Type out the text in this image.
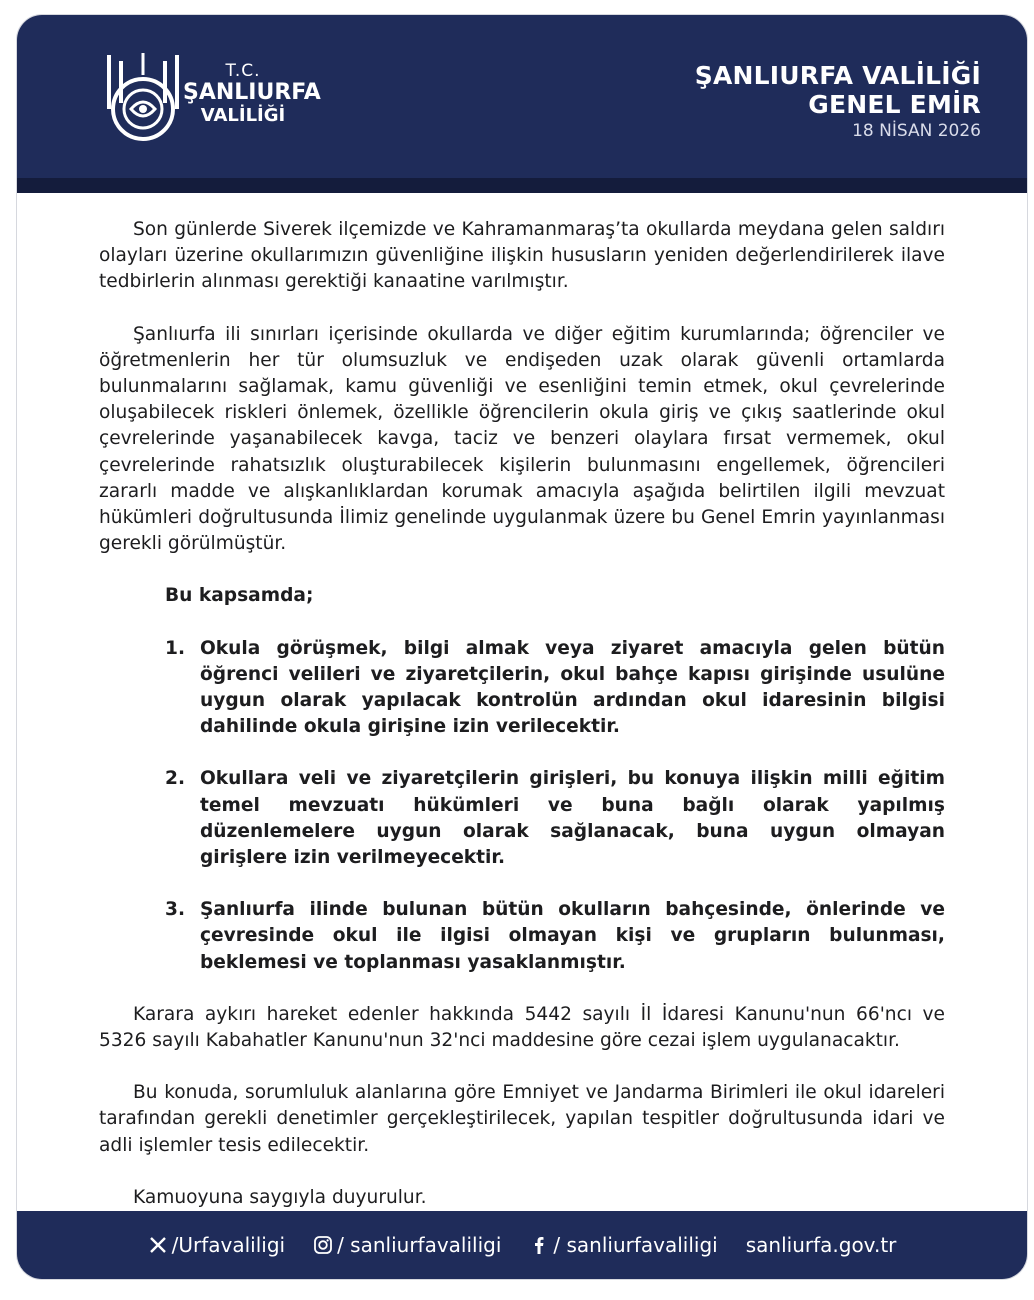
T.C.
ŞANLIURFA
VALİLİĞİ
ŞANLIURFA VALİLİĞİ
GENEL EMİR
18 NİSAN 2026

Son günlerde Siverek ilçemizde ve Kahramanmaraş’ta okullarda meydana gelen saldırı olayları üzerine okullarımızın güvenliğine ilişkin hususların yeniden değerlendirilerek ilave tedbirlerin alınması gerektiği kanaatine varılmıştır.

Şanlıurfa ili sınırları içerisinde okullarda ve diğer eğitim kurumlarında; öğrenciler ve öğretmenlerin her tür olumsuzluk ve endişeden uzak olarak güvenli ortamlarda bulunmalarını sağlamak, kamu güvenliği ve esenliğini temin etmek, okul çevrelerinde oluşabilecek riskleri önlemek, özellikle öğrencilerin okula giriş ve çıkış saatlerinde okul çevrelerinde yaşanabilecek kavga, taciz ve benzeri olaylara fırsat vermemek, okul çevrelerinde rahatsızlık oluşturabilecek kişilerin bulunmasını engellemek, öğrencileri zararlı madde ve alışkanlıklardan korumak amacıyla aşağıda belirtilen ilgili mevzuat hükümleri doğrultusunda İlimiz genelinde uygulanmak üzere bu Genel Emrin yayınlanması gerekli görülmüştür.

Bu kapsamda;

1. Okula görüşmek, bilgi almak veya ziyaret amacıyla gelen bütün öğrenci velileri ve ziyaretçilerin, okul bahçe kapısı girişinde usulüne uygun olarak yapılacak kontrolün ardından okul idaresinin bilgisi dahilinde okula girişine izin verilecektir.
2. Okullara veli ve ziyaretçilerin girişleri, bu konuya ilişkin milli eğitim temel mevzuatı hükümleri ve buna bağlı olarak yapılmış düzenlemelere uygun olarak sağlanacak, buna uygun olmayan girişlere izin verilmeyecektir.
3. Şanlıurfa ilinde bulunan bütün okulların bahçesinde, önlerinde ve çevresinde okul ile ilgisi olmayan kişi ve grupların bulunması, beklemesi ve toplanması yasaklanmıştır.

Karara aykırı hareket edenler hakkında 5442 sayılı İl İdaresi Kanunu'nun 66'ncı ve 5326 sayılı Kabahatler Kanunu'nun 32'nci maddesine göre cezai işlem uygulanacaktır.

Bu konuda, sorumluluk alanlarına göre Emniyet ve Jandarma Birimleri ile okul idareleri tarafından gerekli denetimler gerçekleştirilecek, yapılan tespitler doğrultusunda idari ve adli işlemler tesis edilecektir.

Kamuoyuna saygıyla duyurulur.

/Urfavaliligi	/ sanliurfavaliligi	/ sanliurfavaliligi sanliurfa.gov.tr
